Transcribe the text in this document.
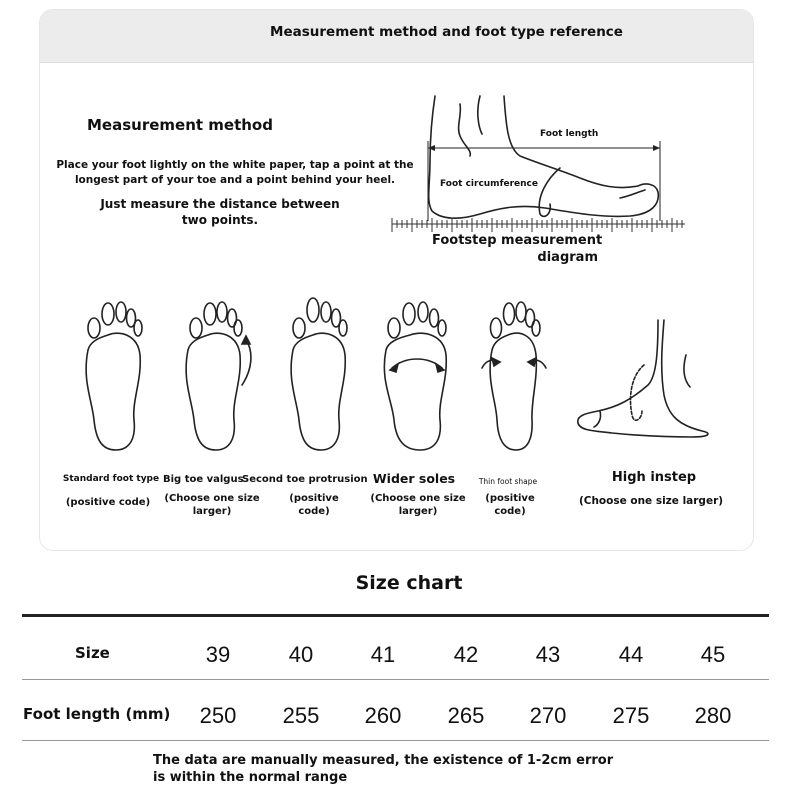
Measurement method and foot type reference
Measurement method
Place your foot lightly on the white paper, tap a point at the longest part of your toe and a point behind your heel.
Just measure the distance between two points.
Foot length
Foot circumference
Footstep measurement
diagram
Standard foot type
(positive code)
Big toe valgus
(Choose one size larger)
Second toe protrusion
(positive code)
Wider soles
(Choose one size larger)
Thin foot shape
(positive code)
High instep
(Choose one size larger)
Size chart
Size	39	40	41	42	43	44	45
Foot length (mm)	250	255	260	265	270	275	280
The data are manually measured, the existence of 1-2cm error is within the normal range
